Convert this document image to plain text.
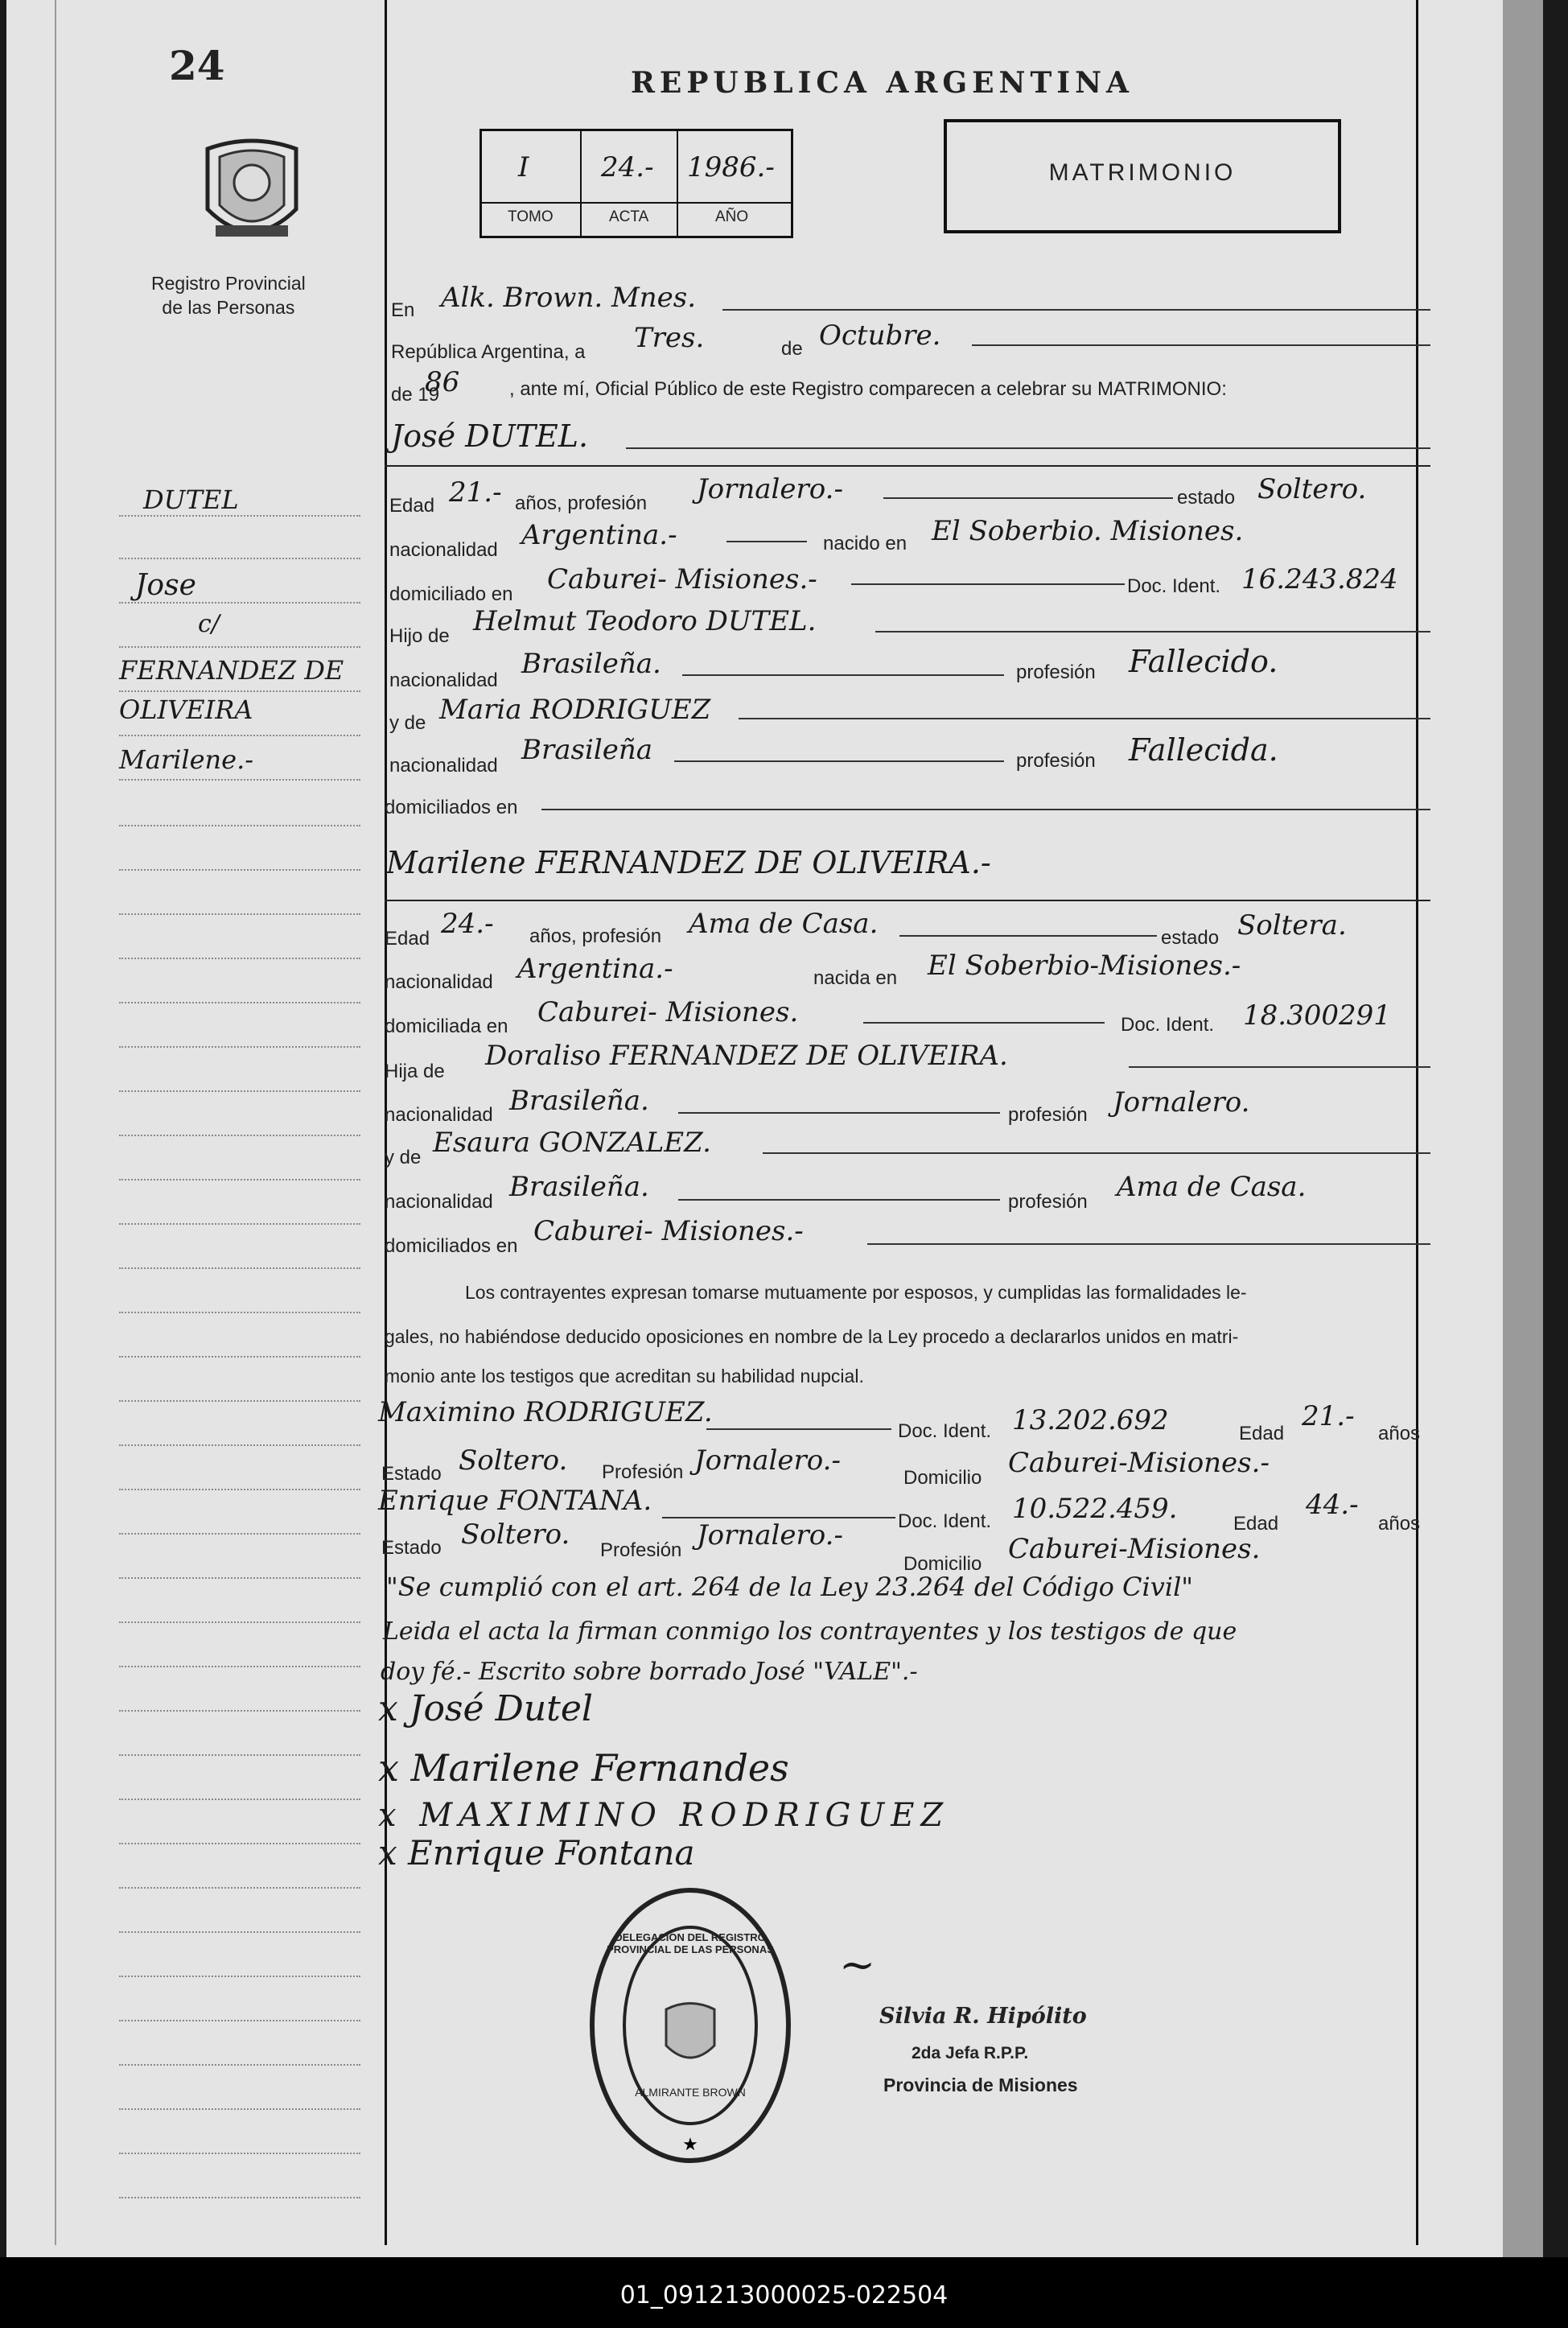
24
Registro Provincial
de las Personas
DUTEL
Jose
c/
FERNANDEZ DE
OLIVEIRA
Marilene.-
REPUBLICA ARGENTINA
I	24.- 1986.-
TOMO	ACTA	AÑO
MATRIMONIO
En Alk. Brown. Mnes.
República Argentina, a Tres.	de Octubre.
de 19
86	, ante mí, Oficial Público de este Registro comparecen a celebrar su MATRIMONIO:
José DUTEL.
Edad 21.- años, profesión Jornalero.-	estado Soltero.
nacionalidad Argentina.-	nacido en El Soberbio. Misiones.
domiciliado en Caburei- Misiones.-	Doc. Ident. 16.243.824
Hijo de Helmut Teodoro DUTEL.
nacionalidad
Brasileña.	profesión Fallecido.
y de Maria RODRIGUEZ
nacionalidad Brasileña	profesión Fallecida.
domiciliados en
Marilene FERNANDEZ DE OLIVEIRA.-
Edad 24.- años, profesión Ama de Casa.	estado Soltera.
nacionalidad Argentina.-	nacida en El Soberbio-Misiones.-
domiciliada en Caburei- Misiones.	Doc. Ident. 18.300291
Hija de Doraliso FERNANDEZ DE OLIVEIRA.
nacionalidad Brasileña.	profesión Jornalero.
y de Esaura GONZALEZ.
nacionalidad Brasileña.	profesión Ama de Casa.
domiciliados en Caburei- Misiones.-
Los contrayentes expresan tomarse mutuamente por esposos, y cumplidas las formalidades le-
gales, no habiéndose deducido oposiciones en nombre de la Ley procedo a declararlos unidos en matri-
monio ante los testigos que acreditan su habilidad nupcial.
Maximino RODRIGUEZ.
Doc. Ident. 13.202.692	Edad
21.-
años
Estado Soltero. Profesión Jornalero.-
Domicilio Caburei-Misiones.-
Enrique FONTANA.
Doc. Ident. 10.522.459.	Edad
44.-
años
Estado Soltero. Profesión Jornalero.-
Domicilio Caburei-Misiones.
"Se cumplió con el art. 264 de la Ley 23.264 del Código Civil"
Leida el acta la firman conmigo los contrayentes y los testigos de que
doy fé.- Escrito sobre borrado José "VALE".-
x José Dutel
x Marilene Fernandes
x MAXIMINO RODRIGUEZ
x Enrique Fontana
★
DELEGACION DEL REGISTRO PROVINCIAL DE LAS PERSONAS
ALMIRANTE BROWN
~
Silvia R. Hipólito
2da Jefa R.P.P.
Provincia de Misiones
01_091213000025-022504
